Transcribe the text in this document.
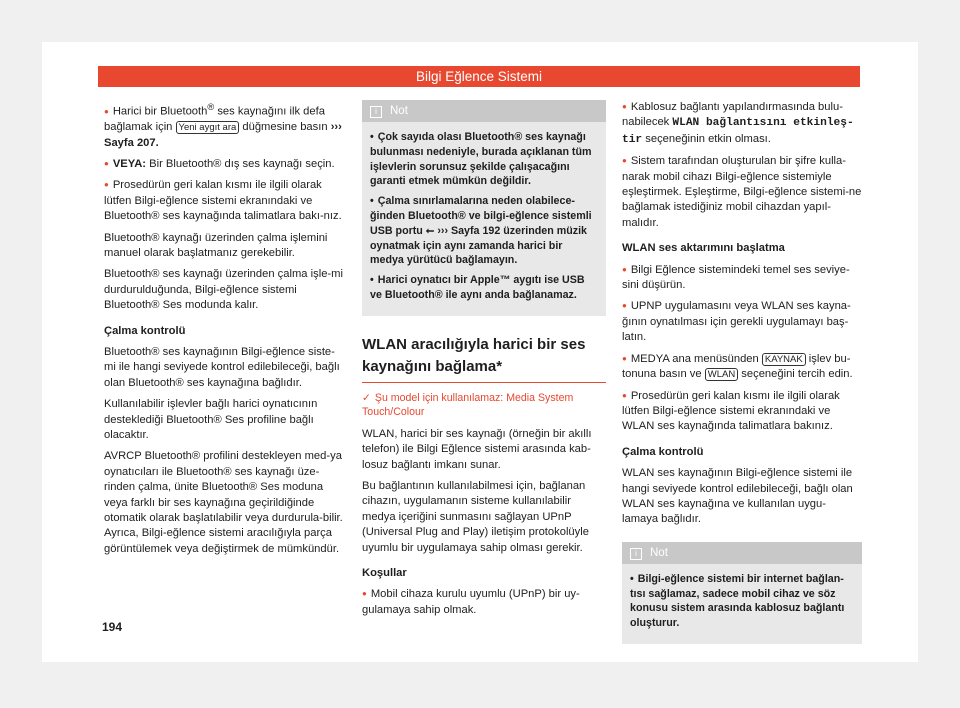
Bilgi Eğlence Sistemi

● Harici bir Bluetooth® ses kaynağını ilk defa bağlamak için Yeni aygıt ara düğmesine basın ››› Sayfa 207.

● VEYA: Bir Bluetooth® dış ses kaynağı seçin.

● Prosedürün geri kalan kısmı ile ilgili olarak lütfen Bilgi-eğlence sistemi ekranındaki ve Bluetooth® ses kaynağında talimatlara bakı-nız.

Bluetooth® kaynağı üzerinden çalma işlemini manuel olarak başlatmanız gerekebilir.

Bluetooth® ses kaynağı üzerinden çalma işle-mi durdurulduğunda, Bilgi-eğlence sistemi Bluetooth® Ses modunda kalır.

Çalma kontrolü

Bluetooth® ses kaynağının Bilgi-eğlence siste-mi ile hangi seviyede kontrol edilebileceği, bağlı olan Bluetooth® ses kaynağına bağlıdır.

Kullanılabilir işlevler bağlı harici oynatıcının desteklediği Bluetooth® Ses profiline bağlı olacaktır.

AVRCP Bluetooth® profilini destekleyen med-ya oynatıcıları ile Bluetooth® ses kaynağı üze-rinden çalma, ünite Bluetooth® Ses moduna veya farklı bir ses kaynağına geçirildiğinde otomatik olarak başlatılabilir veya durdurula-bilir. Ayrıca, Bilgi-eğlence sistemi aracılığıyla parça görüntülemek veya değiştirmek de mümkündür.

i Not
• Çok sayıda olası Bluetooth® ses kaynağı bulunması nedeniyle, burada açıklanan tüm işlevlerin sorunsuz şekilde çalışacağını garanti etmek mümkün değildir.
• Çalma sınırlamalarına neden olabilece-ğinden Bluetooth® ve bilgi-eğlence sistemli USB portu ⭠ ››› Sayfa 192 üzerinden müzik oynatmak için aynı zamanda harici bir medya yürütücü bağlamayın.
• Harici oynatıcı bir Apple™ aygıtı ise USB ve Bluetooth® ile aynı anda bağlanamaz.
WLAN aracılığıyla harici bir ses kaynağını bağlama*
✓ Şu model için kullanılamaz: Media System Touch/Colour

WLAN, harici bir ses kaynağı (örneğin bir akıllı telefon) ile Bilgi Eğlence sistemi arasında kab-losuz bağlantı imkanı sunar.

Bu bağlantının kullanılabilmesi için, bağlanan cihazın, uygulamanın sisteme kullanılabilir medya içeriğini sunmasını sağlayan UPnP (Universal Plug and Play) iletişim protokolüyle uyumlu bir uygulamaya sahip olması gerekir.

Koşullar

● Mobil cihaza kurulu uyumlu (UPnP) bir uy-gulamaya sahip olmak.

● Kablosuz bağlantı yapılandırmasında bulu-nabilecek WLAN bağlantısını etkinleş-tir seçeneğinin etkin olması.

● Sistem tarafından oluşturulan bir şifre kulla-narak mobil cihazı Bilgi-eğlence sistemiyle eşleştirmek. Eşleştirme, Bilgi-eğlence sistemi-ne bağlamak istediğiniz mobil cihazdan yapıl-malıdır.

WLAN ses aktarımını başlatma

● Bilgi Eğlence sistemindeki temel ses seviye-sini düşürün.

● UPNP uygulamasını veya WLAN ses kayna-ğının oynatılması için gerekli uygulamayı baş-latın.

● MEDYA ana menüsünden KAYNAK işlev bu-tonuna basın ve WLAN seçeneğini tercih edin.

● Prosedürün geri kalan kısmı ile ilgili olarak lütfen Bilgi-eğlence sistemi ekranındaki ve WLAN ses kaynağında talimatlara bakınız.

Çalma kontrolü

WLAN ses kaynağının Bilgi-eğlence sistemi ile hangi seviyede kontrol edilebileceği, bağlı olan WLAN ses kaynağına ve kullanılan uygu-lamaya bağlıdır.

i Not
• Bilgi-eğlence sistemi bir internet bağlan-tısı sağlamaz, sadece mobil cihaz ve söz konusu sistem arasında kablosuz bağlantı oluşturur.
194
